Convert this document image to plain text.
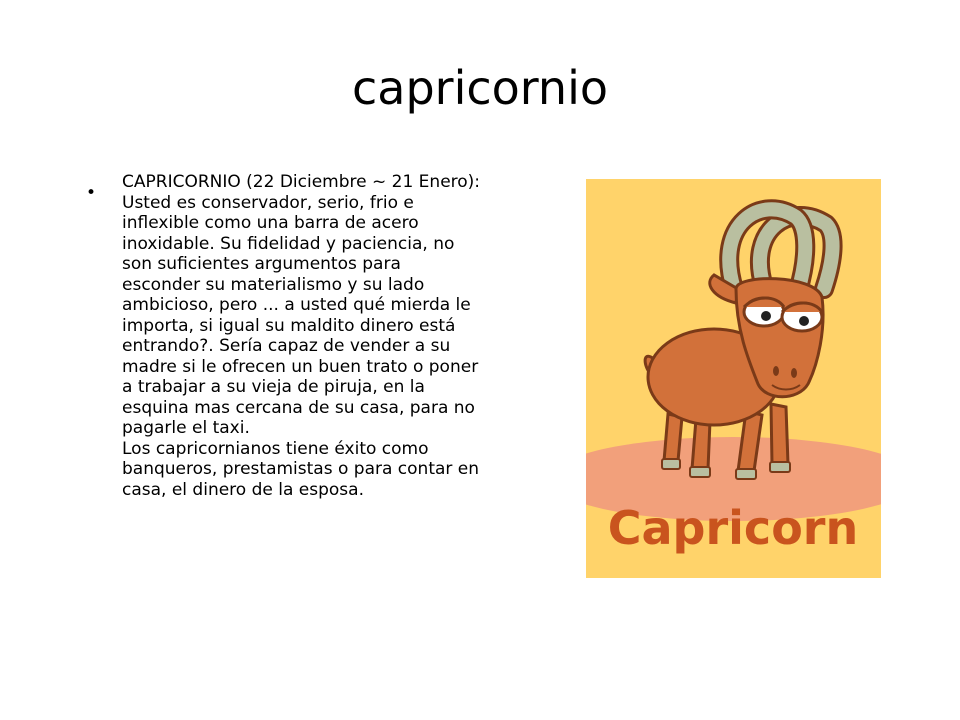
capricornio
•

CAPRICORNIO (22 Diciembre ~ 21 Enero):

Usted es conservador, serio, frio e inflexible como una barra de acero inoxidable. Su fidelidad y paciencia, no son suficientes argumentos para esconder su materialismo y su lado ambicioso, pero ... a usted qué mierda le importa, si igual su maldito dinero está entrando?. Sería capaz de vender a su madre si le ofrecen un buen trato o poner a trabajar a su vieja de piruja, en la esquina mas cercana de su casa, para no pagarle el taxi.

Los capricornianos tiene éxito como banqueros, prestamistas o para contar en casa, el dinero de la esposa.

Capricorn
